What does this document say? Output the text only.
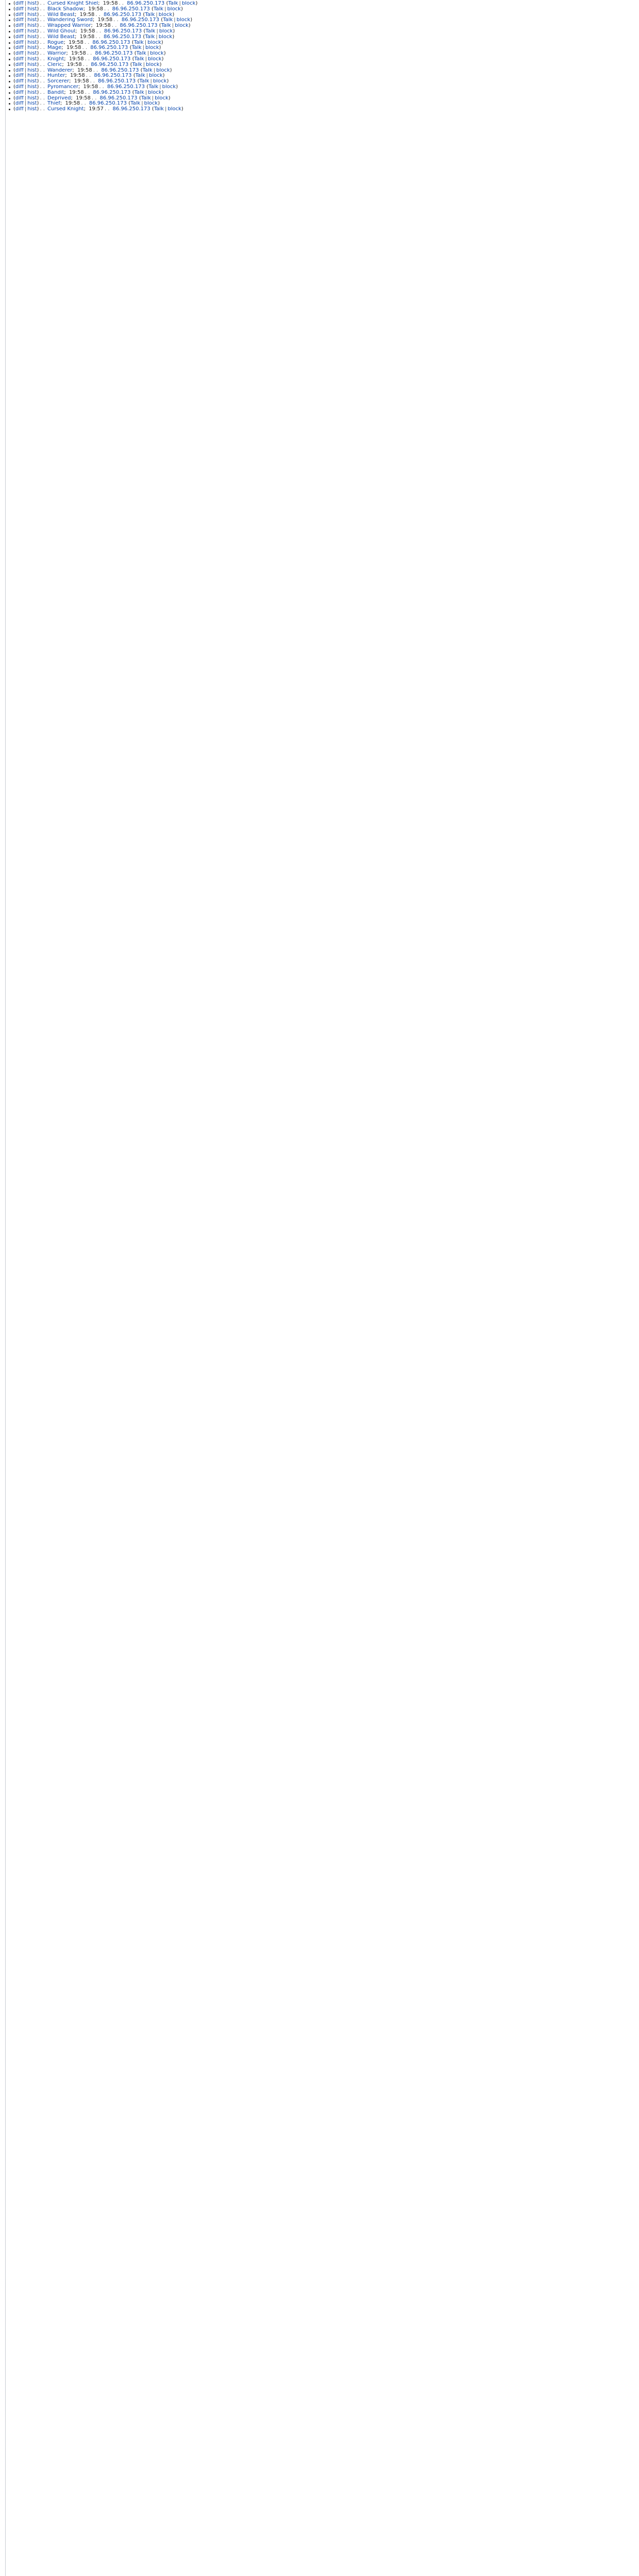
(diff | hist) . . Cursed Knight Shiel; 19:58 . . 86.96.250.173 (Talk | block)
(diff | hist) . . Black Shadow; 19:58 . . 86.96.250.173 (Talk | block)
(diff | hist) . . Wild Beast; 19:58 . . 86.96.250.173 (Talk | block)
(diff | hist) . . Wandering Sword; 19:58 . . 86.96.250.173 (Talk | block)
(diff | hist) . . Wrapped Warrior; 19:58 . . 86.96.250.173 (Talk | block)
(diff | hist) . . Wild Ghoul; 19:58 . . 86.96.250.173 (Talk | block)
(diff | hist) . . Wild Beast; 19:58 . . 86.96.250.173 (Talk | block)
(diff | hist) . . Rogue; 19:58 . . 86.96.250.173 (Talk | block)
(diff | hist) . . Mage; 19:58 . . 86.96.250.173 (Talk | block)
(diff | hist) . . Warrior; 19:58 . . 86.96.250.173 (Talk | block)
(diff | hist) . . Knight; 19:58 . . 86.96.250.173 (Talk | block)
(diff | hist) . . Cleric; 19:58 . . 86.96.250.173 (Talk | block)
(diff | hist) . . Wanderer; 19:58 . . 86.96.250.173 (Talk | block)
(diff | hist) . . Hunter; 19:58 . . 86.96.250.173 (Talk | block)
(diff | hist) . . Sorcerer; 19:58 . . 86.96.250.173 (Talk | block)
(diff | hist) . . Pyromancer; 19:58 . . 86.96.250.173 (Talk | block)
(diff | hist) . . Bandit; 19:58 . . 86.96.250.173 (Talk | block)
(diff | hist) . . Deprived; 19:58 . . 86.96.250.173 (Talk | block)
(diff | hist) . . Thief; 19:58 . . 86.96.250.173 (Talk | block)
(diff | hist) . . Cursed Knight; 19:57 . . 86.96.250.173 (Talk | block)
